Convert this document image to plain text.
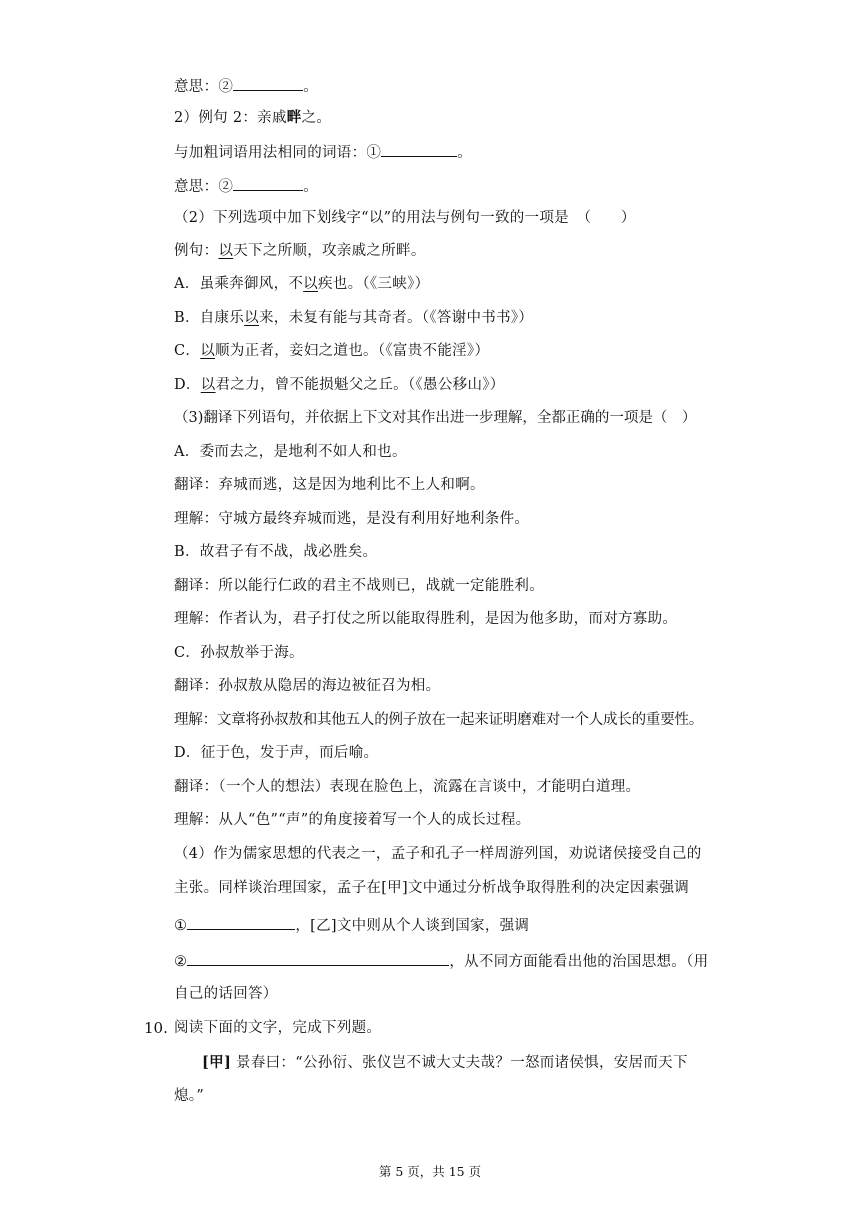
意思：②	。
2）例句 2：亲戚畔之。
与加粗词语用法相同的词语：①	。
意思：②	。
（2）下列选项中加下划线字“以”的用法与例句一致的一项是　（　　）
例句：以天下之所顺，攻亲戚之所畔。
A．虽乘奔御风，不以疾也。（《三峡》）
B．自康乐以来，未复有能与其奇者。（《答谢中书书》）
C．以顺为正者，妾妇之道也。（《富贵不能淫》）
D．以君之力，曾不能损魁父之丘。（《愚公移山》）
（3)翻译下列语句，并依据上下文对其作出进一步理解，全都正确的一项是（　）
A．委而去之，是地利不如人和也。
翻译：弃城而逃，这是因为地利比不上人和啊。
理解：守城方最终弃城而逃，是没有利用好地利条件。
B．故君子有不战，战必胜矣。
翻译：所以能行仁政的君主不战则已，战就一定能胜利。
理解：作者认为，君子打仗之所以能取得胜利，是因为他多助，而对方寡助。
C．孙叔敖举于海。
翻译：孙叔敖从隐居的海边被征召为相。
理解：文章将孙叔敖和其他五人的例子放在一起来证明磨难对一个人成长的重要性。
D．征于色，发于声，而后喻。
翻译：（一个人的想法）表现在脸色上，流露在言谈中，才能明白道理。
理解：从人“色”“声”的角度接着写一个人的成长过程。
（4）作为儒家思想的代表之一，孟子和孔子一样周游列国，劝说诸侯接受自己的
主张。同样谈治理国家，孟子在[甲]文中通过分析战争取得胜利的决定因素强调
①	，[乙]文中则从个人谈到国家，强调
②	，从不同方面能看出他的治国思想。（用
自己的话回答）
10. 阅读下面的文字，完成下列题。
[甲] 景春曰：“公孙衍、张仪岂不诚大丈夫哉？一怒而诸侯惧，安居而天下
熄。”
第 5 页，共 15 页
